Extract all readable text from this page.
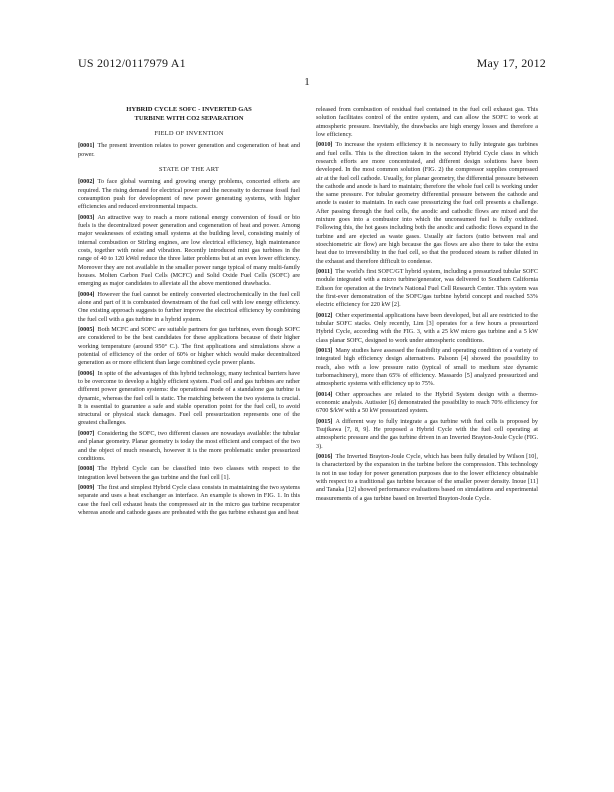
US 2012/0117979 A1	May 17, 2012
1
HYBRID CYCLE SOFC - INVERTED GAS
TURBINE WITH CO2 SEPARATION
FIELD OF INVENTION

[0001] The present invention relates to power generation and cogeneration of heat and power.

STATE OF THE ART

[0002] To face global warming and growing energy problems, concerted efforts are required. The rising demand for electrical power and the necessity to decrease fossil fuel consumption push for development of new power generating systems, with higher efficiencies and reduced environmental impacts.

[0003] An attractive way to reach a more rational energy conversion of fossil or bio fuels is the decentralized power generation and cogeneration of heat and power. Among major weaknesses of existing small systems at the building level, consisting mainly of internal combustion or Stirling engines, are low electrical efficiency, high maintenance costs, together with noise and vibration. Recently introduced mini gas turbines in the range of 40 to 120 kWel reduce the three latter problems but at an even lower efficiency. Moreover they are not available in the smaller power range typical of many multi-family houses. Molten Carbon Fuel Cells (MCFC) and Solid Oxide Fuel Cells (SOFC) are emerging as major candidates to alleviate all the above mentioned drawbacks.

[0004] However the fuel cannot be entirely converted electrochemically in the fuel cell alone and part of it is combusted downstream of the fuel cell with low energy efficiency. One existing approach suggests to further improve the electrical efficiency by combining the fuel cell with a gas turbine in a hybrid system.

[0005] Both MCFC and SOFC are suitable partners for gas turbines, even though SOFC are considered to be the best candidates for these applications because of their higher working temperature (around 950° C.). The first applications and simulations show a potential of efficiency of the order of 60% or higher which would make decentralized generation as or more efficient than large combined cycle power plants.

[0006] In spite of the advantages of this hybrid technology, many technical barriers have to be overcome to develop a highly efficient system. Fuel cell and gas turbines are rather different power generation systems: the operational mode of a standalone gas turbine is dynamic, whereas the fuel cell is static. The matching between the two systems is crucial. It is essential to guarantee a safe and stable operation point for the fuel cell, to avoid structural or physical stack damages. Fuel cell pressurization represents one of the greatest challenges.

[0007] Considering the SOFC, two different classes are nowadays available: the tubular and planar geometry. Planar geometry is today the most efficient and compact of the two and the object of much research, however it is the more problematic under pressurized conditions.

[0008] The Hybrid Cycle can be classified into two classes with respect to the integration level between the gas turbine and the fuel cell [1].

[0009] The first and simplest Hybrid Cycle class consists in maintaining the two systems separate and uses a heat exchanger as interface. An example is shown in FIG. 1. In this case the fuel cell exhaust heats the compressed air in the micro gas turbine recuperator whereas anode and cathode gases are preheated with the gas turbine exhaust gas and heat

released from combustion of residual fuel contained in the fuel cell exhaust gas. This solution facilitates control of the entire system, and can allow the SOFC to work at atmospheric pressure. Inevitably, the drawbacks are high energy losses and therefore a low efficiency.

[0010] To increase the system efficiency it is necessary to fully integrate gas turbines and fuel cells. This is the direction taken in the second Hybrid Cycle class in which research efforts are more concentrated, and different design solutions have been developed. In the most common solution (FIG. 2) the compressor supplies compressed air at the fuel cell cathode. Usually, for planar geometry, the differential pressure between the cathode and anode is hard to maintain; therefore the whole fuel cell is working under the same pressure. For tubular geometry differential pressure between the cathode and anode is easier to maintain. In each case pressurizing the fuel cell presents a challenge. After passing through the fuel cells, the anodic and cathodic flows are mixed and the mixture goes into a combustor into which the unconsumed fuel is fully oxidized. Following this, the hot gases including both the anodic and cathodic flows expand in the turbine and are ejected as waste gases. Usually air factors (ratio between real and stoechiometric air flow) are high because the gas flows are also there to take the extra heat due to irreversibility in the fuel cell, so that the produced steam is rather diluted in the exhaust and therefore difficult to condense.

[0011] The world's first SOFC/GT hybrid system, including a pressurized tubular SOFC module integrated with a micro turbine/generator, was delivered to Southern California Edison for operation at the Irvine's National Fuel Cell Research Center. This system was the first-ever demonstration of the SOFC/gas turbine hybrid concept and reached 53% electric efficiency for 220 kW [2].

[0012] Other experimental applications have been developed, but all are restricted to the tubular SOFC stacks. Only recently, Lim [3] operates for a few hours a pressurized Hybrid Cycle, according with the FIG. 3, with a 25 kW micro gas turbine and a 5 kW class planar SOFC, designed to work under atmospheric conditions.

[0013] Many studies have assessed the feasibility and operating condition of a variety of integrated high efficiency design alternatives. Palsonn [4] showed the possibility to reach, also with a low pressure ratio (typical of small to medium size dynamic turbomachinery), more than 65% of efficiency. Massardo [5] analyzed pressurized and atmospheric systems with efficiency up to 75%.

[0014] Other approaches are related to the Hybrid System design with a thermo-economic analysis. Autissier [6] demonstrated the possibility to reach 70% efficiency for 6700 $/kW with a 50 kW pressurized system.

[0015] A different way to fully integrate a gas turbine with fuel cells is proposed by Tsujikawa [7, 8, 9]. He proposed a Hybrid Cycle with the fuel cell operating at atmospheric pressure and the gas turbine driven in an Inverted Brayton-Joule Cycle (FIG. 3).

[0016] The Inverted Brayton-Joule Cycle, which has been fully detailed by Wilson [10], is characterized by the expansion in the turbine before the compression. This technology is not in use today for power generation purposes due to the lower efficiency obtainable with respect to a traditional gas turbine because of the smaller power density. Inoue [11] and Tanaka [12] showed performance evaluations based on simulations and experimental measurements of a gas turbine based on Inverted Brayton-Joule Cycle.
